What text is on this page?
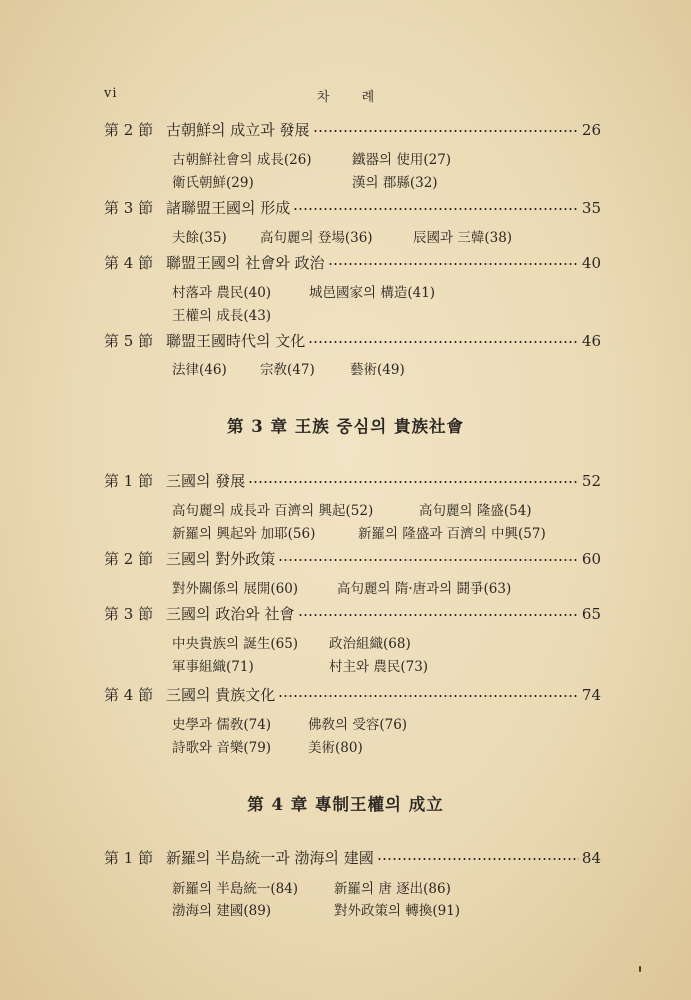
vi	차 례
第 2 節 古朝鮮의 成立과 發展	26
古朝鮮社會의 成長(26)	鐵器의 使用(27)
衛氏朝鮮(29)	漢의 郡縣(32)
第 3 節 諸聯盟王國의 形成	35
夫餘(35) 高句麗의 登場(36)	辰國과 三韓(38)
第 4 節 聯盟王國의 社會와 政治	40
村落과 農民(40)	城邑國家의 構造(41)
王權의 成長(43)
第 5 節 聯盟王國時代의 文化	46
法律(46) 宗敎(47)	藝術(49)
第 3 章 王族 중심의 貴族社會
第 1 節 三國의 發展	52
高句麗의 成長과 百濟의 興起(52)	高句麗의 隆盛(54)
新羅의 興起와 加耶(56)	新羅의 隆盛과 百濟의 中興(57)
第 2 節 三國의 對外政策	60
對外關係의 展開(60)	高句麗의 隋·唐과의 鬪爭(63)
第 3 節 三國의 政治와 社會	65
中央貴族의 誕生(65) 政治組織(68)
軍事組織(71)	村主와 農民(73)
第 4 節 三國의 貴族文化	74
史學과 儒敎(74)	佛敎의 受容(76)
詩歌와 音樂(79)	美術(80)
第 4 章 專制王權의 成立
第 1 節 新羅의 半島統一과 渤海의 建國	84
新羅의 半島統一(84)	新羅의 唐 逐出(86)
渤海의 建國(89)	對外政策의 轉換(91)
